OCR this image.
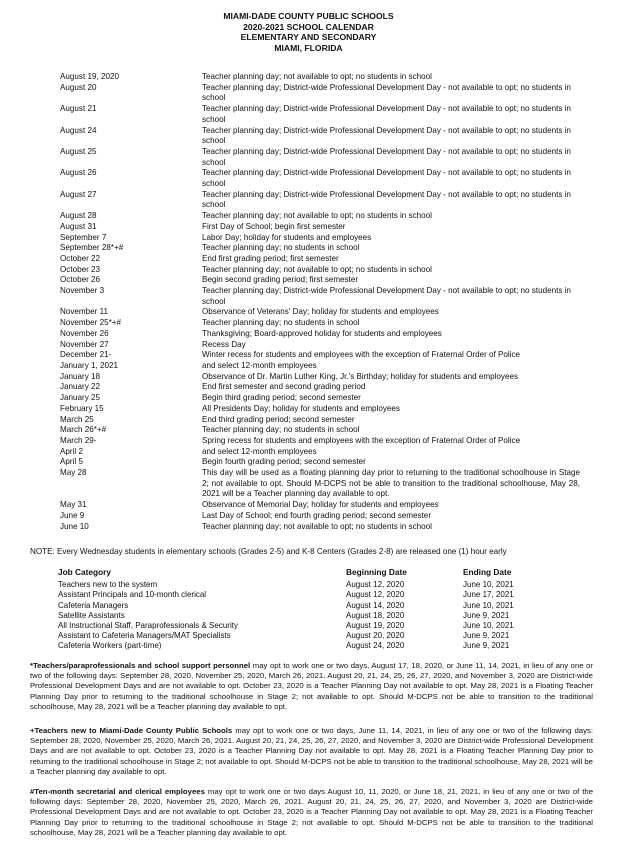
MIAMI-DADE COUNTY PUBLIC SCHOOLS
2020-2021 SCHOOL CALENDAR
ELEMENTARY AND SECONDARY
MIAMI, FLORIDA
August 19, 2020	Teacher planning day; not available to opt; no students in school
August 20	Teacher planning day; District-wide Professional Development Day - not available to opt; no students in school
August 21	Teacher planning day; District-wide Professional Development Day - not available to opt; no students in school
August 24	Teacher planning day; District-wide Professional Development Day - not available to opt; no students in school
August 25	Teacher planning day; District-wide Professional Development Day - not available to opt; no students in school
August 26	Teacher planning day; District-wide Professional Development Day - not available to opt; no students in school
August 27	Teacher planning day; District-wide Professional Development Day - not available to opt; no students in school
August 28	Teacher planning day; not available to opt; no students in school
August 31	First Day of School; begin first semester
September 7	Labor Day; holiday for students and employees
September 28*+#	Teacher planning day; no students in school
October 22	End first grading period; first semester
October 23	Teacher planning day; not available to opt; no students in school
October 26	Begin second grading period; first semester
November 3	Teacher planning day; District-wide Professional Development Day - not available to opt; no students in school
November 11	Observance of Veterans' Day; holiday for students and employees
November 25*+#	Teacher planning day; no students in school
November 26	Thanksgiving; Board-approved holiday for students and employees
November 27	Recess Day
December 21-	Winter recess for students and employees with the exception of Fraternal Order of Police
January 1, 2021	and select 12-month employees
January 18	Observance of Dr. Martin Luther King, Jr.'s Birthday; holiday for students and employees
January 22	End first semester and second grading period
January 25	Begin third grading period; second semester
February 15	All Presidents Day; holiday for students and employees
March 25	End third grading period; second semester
March 26*+#	Teacher planning day; no students in school
March 29-	Spring recess for students and employees with the exception of Fraternal Order of Police
April 2	and select 12-month employees
April 5	Begin fourth grading period; second semester
May 28	This day will be used as a floating planning day prior to returning to the traditional schoolhouse in Stage 2; not available to opt. Should M-DCPS not be able to transition to the traditional schoolhouse, May 28, 2021 will be a Teacher planning day available to opt.
May 31	Observance of Memorial Day; holiday for students and employees
June 9	Last Day of School; end fourth grading period; second semester
June 10	Teacher planning day; not available to opt; no students in school
NOTE: Every Wednesday students in elementary schools (Grades 2-5) and K-8 Centers (Grades 2-8) are released one (1) hour early
Job Category	Beginning Date	Ending Date
Teachers new to the system	August 12, 2020	June 10, 2021
Assistant Principals and 10-month clerical	August 12, 2020	June 17, 2021
Cafeteria Managers	August 14, 2020	June 10, 2021
Satellite Assistants	August 18, 2020	June 9, 2021
All Instructional Staff, Paraprofessionals & Security	August 19, 2020	June 10, 2021
Assistant to Cafeteria Managers/MAT Specialists	August 20, 2020	June 9, 2021
Cafeteria Workers (part-time)	August 24, 2020	June 9, 2021
*Teachers/paraprofessionals and school support personnel may opt to work one or two days, August 17, 18, 2020, or June 11, 14, 2021, in lieu of any one or two of the following days: September 28, 2020, November 25, 2020, March 26, 2021. August 20, 21, 24, 25, 26, 27, 2020, and November 3, 2020 are District-wide Professional Development Days and are not available to opt. October 23, 2020 is a Teacher Planning Day not available to opt. May 28, 2021 is a Floating Teacher Planning Day prior to returning to the traditional schoolhouse in Stage 2; not available to opt. Should M-DCPS not be able to transition to the traditional schoolhouse, May 28, 2021 will be a Teacher planning day available to opt.
+Teachers new to Miami-Dade County Public Schools may opt to work one or two days, June 11, 14, 2021, in lieu of any one or two of the following days: September 28, 2020, November 25, 2020, March 26, 2021. August 20, 21, 24, 25, 26, 27, 2020, and November 3, 2020 are District-wide Professional Development Days and are not available to opt. October 23, 2020 is a Teacher Planning Day not available to opt. May 28, 2021 is a Floating Teacher Planning Day prior to returning to the traditional schoolhouse in Stage 2; not available to opt. Should M-DCPS not be able to transition to the traditional schoolhouse, May 28, 2021 will be a Teacher planning day available to opt.
#Ten-month secretarial and clerical employees may opt to work one or two days August 10, 11, 2020, or June 18, 21, 2021, in lieu of any one or two of the following days: September 28, 2020, November 25, 2020, March 26, 2021. August 20, 21, 24, 25, 26, 27, 2020, and November 3, 2020 are District-wide Professional Development Days and are not available to opt. October 23, 2020 is a Teacher Planning Day not available to opt. May 28, 2021 is a Floating Teacher Planning Day prior to returning to the traditional schoolhouse in Stage 2; not available to opt. Should M-DCPS not be able to transition to the traditional schoolhouse, May 28, 2021 will be a Teacher planning day available to opt.
